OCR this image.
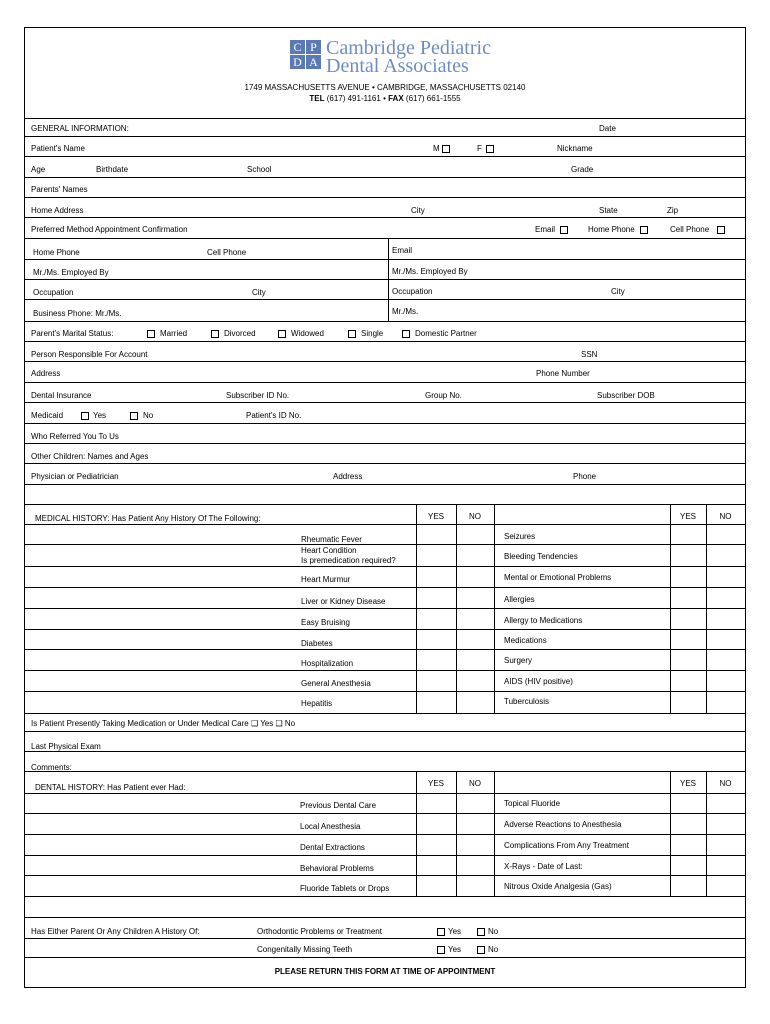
C P
D A
Cambridge Pediatric
Dental Associates
1749 MASSACHUSETTS AVENUE • CAMBRIDGE, MASSACHUSETTS 02140
TEL (617) 491-1161 • FAX (617) 661-1555
GENERAL INFORMATION:	Date
Patient's Name	M	F	Nickname
Age	Birthdate	School	Grade
Parents' Names
Home Address	City	State	Zip
Preferred Method Appointment Confirmation	Email	Home Phone	Cell Phone
Home Phone	Cell Phone	Email
Mr./Ms. Employed By	Mr./Ms. Employed By
Occupation	City	Occupation	City
Business Phone: Mr./Ms.	Mr./Ms.
Parent's Marital Status:	Married	Divorced	Widowed	Single	Domestic Partner
Person Responsible For Account	SSN
Address	Phone Number
Dental Insurance	Subscriber ID No.	Group No.	Subscriber DOB
Medicaid	Yes	No	Patient's ID No.
Who Referred You To Us
Other Children: Names and Ages
Physician or Pediatrician	Address	Phone
MEDICAL HISTORY: Has Patient Any History Of The Following:	YES	NO	YES	NO
Rheumatic Fever	Seizures
Heart Condition
Is premedication required?	Bleeding Tendencies
Heart Murmur	Mental or Emotional Problems
Liver or Kidney Disease	Allergies
Easy Bruising	Allergy to Medications
Diabetes	Medications
Hospitalization	Surgery
General Anesthesia	AIDS (HIV positive)
Hepatitis	Tuberculosis
Is Patient Presently Taking Medication or Under Medical Care ❑ Yes ❑ No
Last Physical Exam
Comments:
DENTAL HISTORY: Has Patient ever Had:	YES	NO	YES	NO
Previous Dental Care	Topical Fluoride
Local Anesthesia	Adverse Reactions to Anesthesia
Dental Extractions	Complications From Any Treatment
Behavioral Problems	X-Rays - Date of Last:
Fluoride Tablets or Drops	Nitrous Oxide Analgesia (Gas)
Has Either Parent Or Any Children A History Of:	Orthodontic Problems or Treatment	Yes	No
Congenitally Missing Teeth	Yes	No
PLEASE RETURN THIS FORM AT TIME OF APPOINTMENT
